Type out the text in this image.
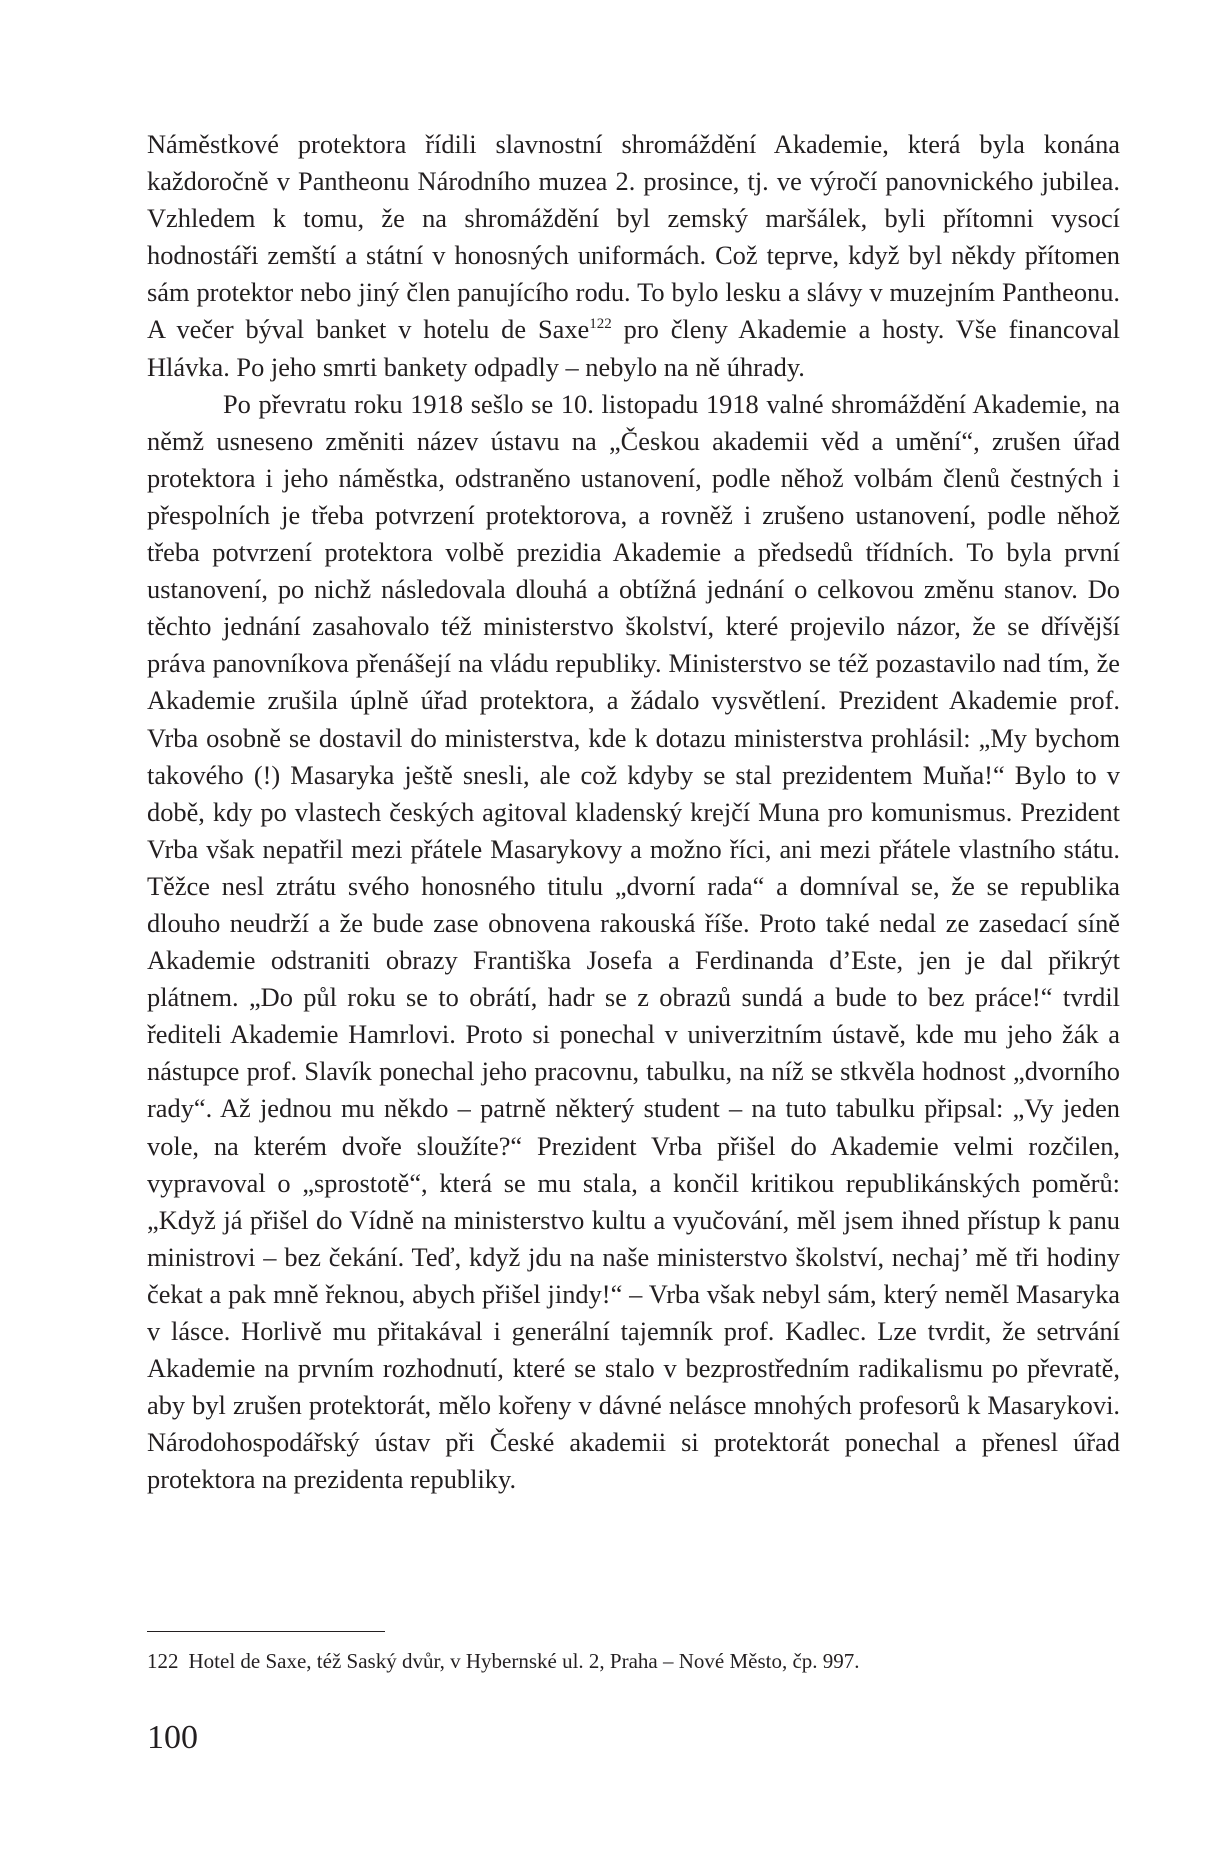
Náměstkové protektora řídili slavnostní shromáždění Akademie, která byla konána každoročně v Pantheonu Národního muzea 2. prosince, tj. ve výročí panovnického jubilea. Vzhledem k tomu, že na shromáždění byl zemský maršálek, byli přítomni vysocí hodnostáři zemští a státní v honosných uniformách. Což teprve, když byl někdy přítomen sám protektor nebo jiný člen panujícího rodu. To bylo lesku a slávy v muzejním Pantheonu. A večer býval banket v hotelu de Saxe$^{122}$ pro členy Akademie a hosty. Vše financoval Hlávka. Po jeho smrti bankety odpadly – nebylo na ně úhrady.

Po převratu roku 1918 sešlo se 10. listopadu 1918 valné shromáždění Akademie, na němž usneseno změniti název ústavu na „Českou akademii věd a umění“, zrušen úřad protektora i jeho náměstka, odstraněno ustanovení, podle něhož volbám členů čestných i přespolních je třeba potvrzení protektorova, a rovněž i zrušeno ustanovení, podle něhož třeba potvrzení protektora volbě prezidia Akademie a předsedů třídních. To byla první ustanovení, po nichž následovala dlouhá a obtížná jednání o celkovou změnu stanov. Do těchto jednání zasahovalo též ministerstvo školství, které projevilo názor, že se dřívější práva panovníkova přenášejí na vládu republiky. Ministerstvo se též pozastavilo nad tím, že Akademie zrušila úplně úřad protektora, a žádalo vysvětlení. Prezident Akademie prof. Vrba osobně se dostavil do ministerstva, kde k dotazu ministerstva prohlásil: „My bychom takového (!) Masaryka ještě snesli, ale což kdyby se stal prezidentem Muňa!“ Bylo to v době, kdy po vlastech českých agitoval kladenský krejčí Muna pro komunismus. Prezident Vrba však nepatřil mezi přátele Masarykovy a možno říci, ani mezi přátele vlastního státu. Těžce nesl ztrátu svého honosného titulu „dvorní rada“ a domníval se, že se republika dlouho neudrží a že bude zase obnovena rakouská říše. Proto také nedal ze zasedací síně Akademie odstraniti obrazy Františka Josefa a Ferdinanda d’Este, jen je dal přikrýt plátnem. „Do půl roku se to obrátí, hadr se z obrazů sundá a bude to bez práce!“ tvrdil řediteli Akademie Hamrlovi. Proto si ponechal v univerzitním ústavě, kde mu jeho žák a nástupce prof. Slavík ponechal jeho pracovnu, tabulku, na níž se stkvěla hodnost „dvorního rady“. Až jednou mu někdo – patrně některý student – na tuto tabulku připsal: „Vy jeden vole, na kterém dvoře sloužíte?“ Prezident Vrba přišel do Akademie velmi rozčilen, vypravoval o „sprostotě“, která se mu stala, a končil kritikou republikánských poměrů: „Když já přišel do Vídně na ministerstvo kultu a vyučování, měl jsem ihned přístup k panu ministrovi – bez čekání. Teď, když jdu na naše ministerstvo školství, nechaj’ mě tři hodiny čekat a pak mně řeknou, abych přišel jindy!“ – Vrba však nebyl sám, který neměl Masaryka v lásce. Horlivě mu přitakával i generální tajemník prof. Kadlec. Lze tvrdit, že setrvání Akademie na prvním rozhodnutí, které se stalo v bezprostředním radikalismu po převratě, aby byl zrušen protektorát, mělo kořeny v dávné nelásce mnohých profesorů k Masarykovi. Národohospodářský ústav při České akademii si protektorát ponechal a přenesl úřad protektora na prezidenta republiky.

122 Hotel de Saxe, též Saský dvůr, v Hybernské ul. 2, Praha – Nové Město, čp. 997.
100
